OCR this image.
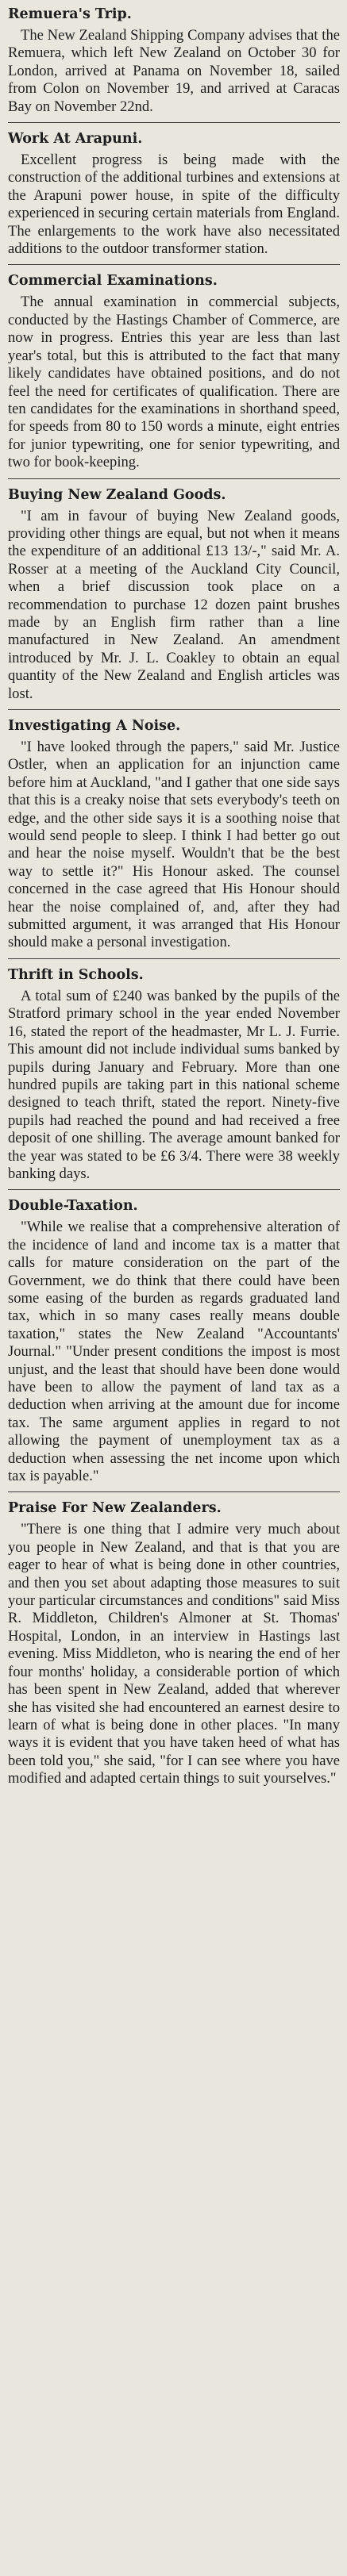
Remuera's Trip.

The New Zealand Shipping Company advises that the Remuera, which left New Zealand on October 30 for London, arrived at Panama on November 18, sailed from Colon on November 19, and arrived at Caracas Bay on November 22nd.

Work At Arapuni.

Excellent progress is being made with the construction of the additional turbines and extensions at the Arapuni power house, in spite of the difficulty experienced in securing certain materials from England. The enlargements to the work have also necessitated additions to the outdoor transformer station.

Commercial Examinations.

The annual examination in commercial subjects, conducted by the Hastings Chamber of Commerce, are now in progress. Entries this year are less than last year's total, but this is attributed to the fact that many likely candidates have obtained positions, and do not feel the need for certificates of qualification. There are ten candidates for the examinations in shorthand speed, for speeds from 80 to 150 words a minute, eight entries for junior typewriting, one for senior typewriting, and two for book-keeping.

Buying New Zealand Goods.

"I am in favour of buying New Zealand goods, providing other things are equal, but not when it means the expenditure of an additional £13 13/-," said Mr. A. Rosser at a meeting of the Auckland City Council, when a brief discussion took place on a recommendation to purchase 12 dozen paint brushes made by an English firm rather than a line manufactured in New Zealand. An amendment introduced by Mr. J. L. Coakley to obtain an equal quantity of the New Zealand and English articles was lost.

Investigating A Noise.

"I have looked through the papers," said Mr. Justice Ostler, when an application for an injunction came before him at Auckland, "and I gather that one side says that this is a creaky noise that sets everybody's teeth on edge, and the other side says it is a soothing noise that would send people to sleep. I think I had better go out and hear the noise myself. Wouldn't that be the best way to settle it?" His Honour asked. The counsel concerned in the case agreed that His Honour should hear the noise complained of, and, after they had submitted argument, it was arranged that His Honour should make a personal investigation.

Thrift in Schools.

A total sum of £240 was banked by the pupils of the Stratford primary school in the year ended November 16, stated the report of the headmaster, Mr L. J. Furrie. This amount did not include individual sums banked by pupils during January and February. More than one hundred pupils are taking part in this national scheme designed to teach thrift, stated the report. Ninety-five pupils had reached the pound and had received a free deposit of one shilling. The average amount banked for the year was stated to be £6 3/4. There were 38 weekly banking days.

Double-Taxation.

"While we realise that a comprehensive alteration of the incidence of land and income tax is a matter that calls for mature consideration on the part of the Government, we do think that there could have been some easing of the burden as regards graduated land tax, which in so many cases really means double taxation," states the New Zealand "Accountants' Journal." "Under present conditions the impost is most unjust, and the least that should have been done would have been to allow the payment of land tax as a deduction when arriving at the amount due for income tax. The same argument applies in regard to not allowing the payment of unemployment tax as a deduction when assessing the net income upon which tax is payable."

Praise For New Zealanders.

"There is one thing that I admire very much about you people in New Zealand, and that is that you are eager to hear of what is being done in other countries, and then you set about adapting those measures to suit your particular circumstances and conditions" said Miss R. Middleton, Children's Almoner at St. Thomas' Hospital, London, in an interview in Hastings last evening. Miss Middleton, who is nearing the end of her four months' holiday, a considerable portion of which has been spent in New Zealand, added that wherever she has visited she had encountered an earnest desire to learn of what is being done in other places. "In many ways it is evident that you have taken heed of what has been told you," she said, "for I can see where you have modified and adapted certain things to suit yourselves."
